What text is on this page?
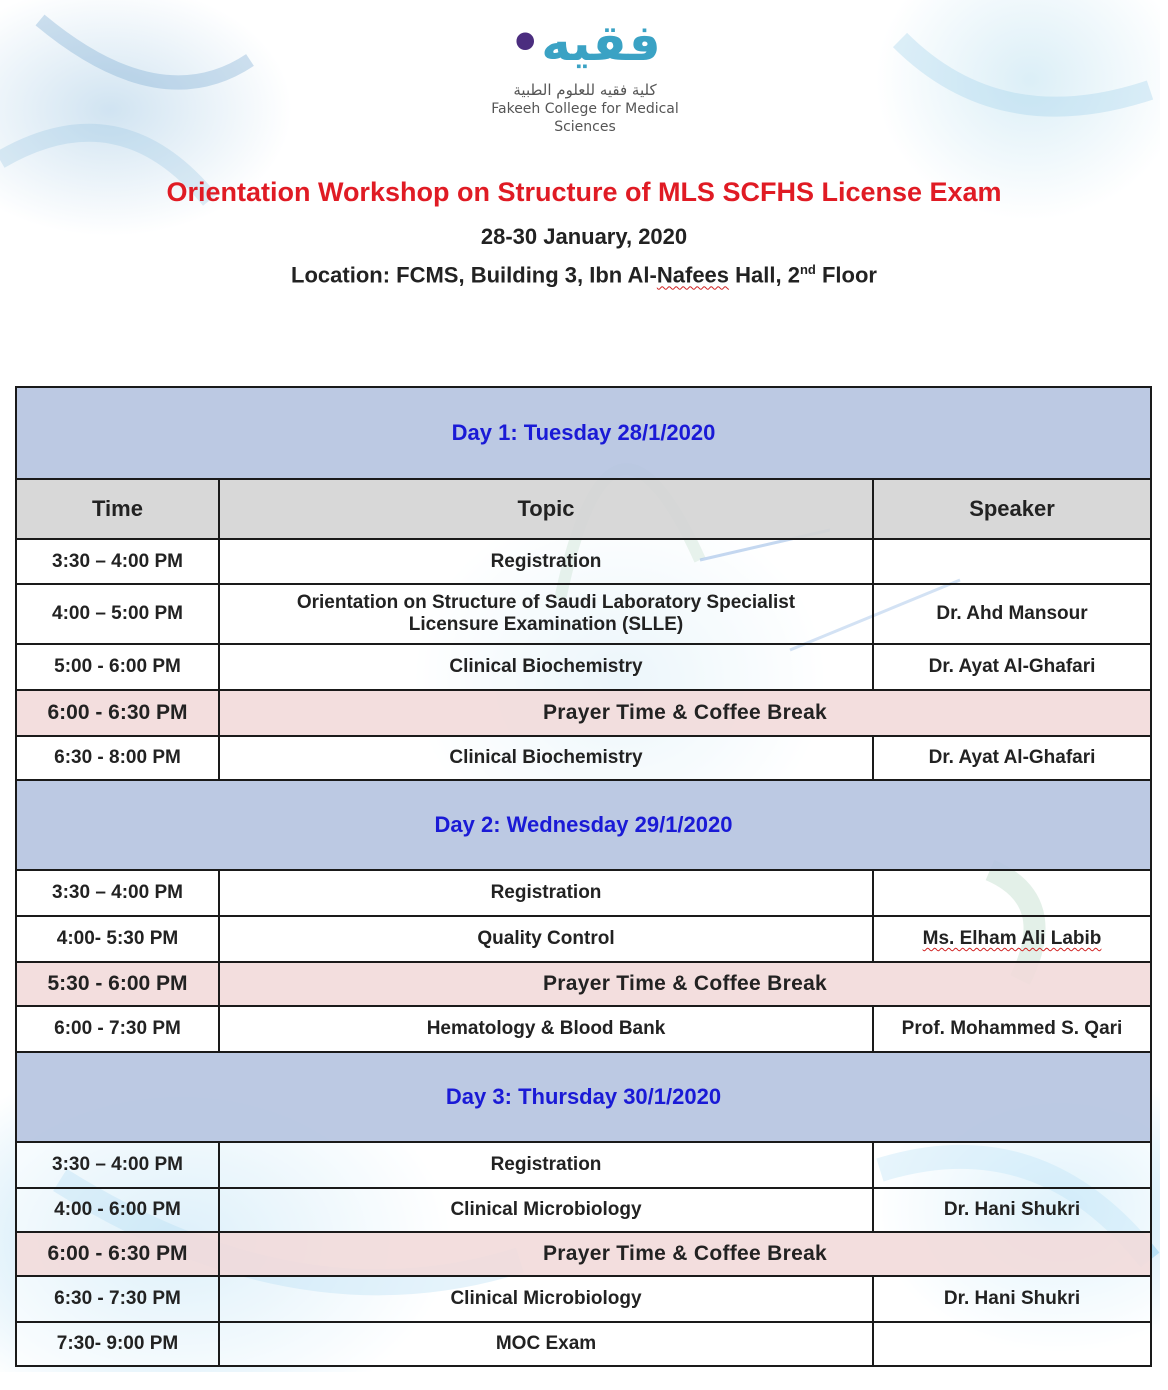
•فقيه
كلية فقيه للعلوم الطبية
Fakeeh College for Medical Sciences
Orientation Workshop on Structure of MLS SCFHS License Exam
28-30 January, 2020
Location: FCMS, Building 3, Ibn Al-Nafees Hall, 2nd Floor
Day 1: Tuesday 28/1/2020		
Time	Topic	Speaker
3:30 – 4:00 PM	Registration	
4:00 – 5:00 PM	Orientation on Structure of Saudi Laboratory Specialist
Licensure Examination (SLLE)	Dr. Ahd Mansour
5:00 - 6:00 PM	Clinical Biochemistry	Dr. Ayat Al-Ghafari
6:00 - 6:30 PM	Prayer Time & Coffee Break	
6:30 - 8:00 PM	Clinical Biochemistry	Dr. Ayat Al-Ghafari
Day 2: Wednesday 29/1/2020		
3:30 – 4:00 PM	Registration	
4:00- 5:30 PM	Quality Control	Ms. Elham Ali Labib
5:30 - 6:00 PM	Prayer Time & Coffee Break	
6:00 - 7:30 PM	Hematology & Blood Bank	Prof. Mohammed S. Qari
Day 3: Thursday 30/1/2020		
3:30 – 4:00 PM	Registration	
4:00 - 6:00 PM	Clinical Microbiology	Dr. Hani Shukri
6:00 - 6:30 PM	Prayer Time & Coffee Break	
6:30 - 7:30 PM	Clinical Microbiology	Dr. Hani Shukri
7:30- 9:00 PM	MOC Exam	
